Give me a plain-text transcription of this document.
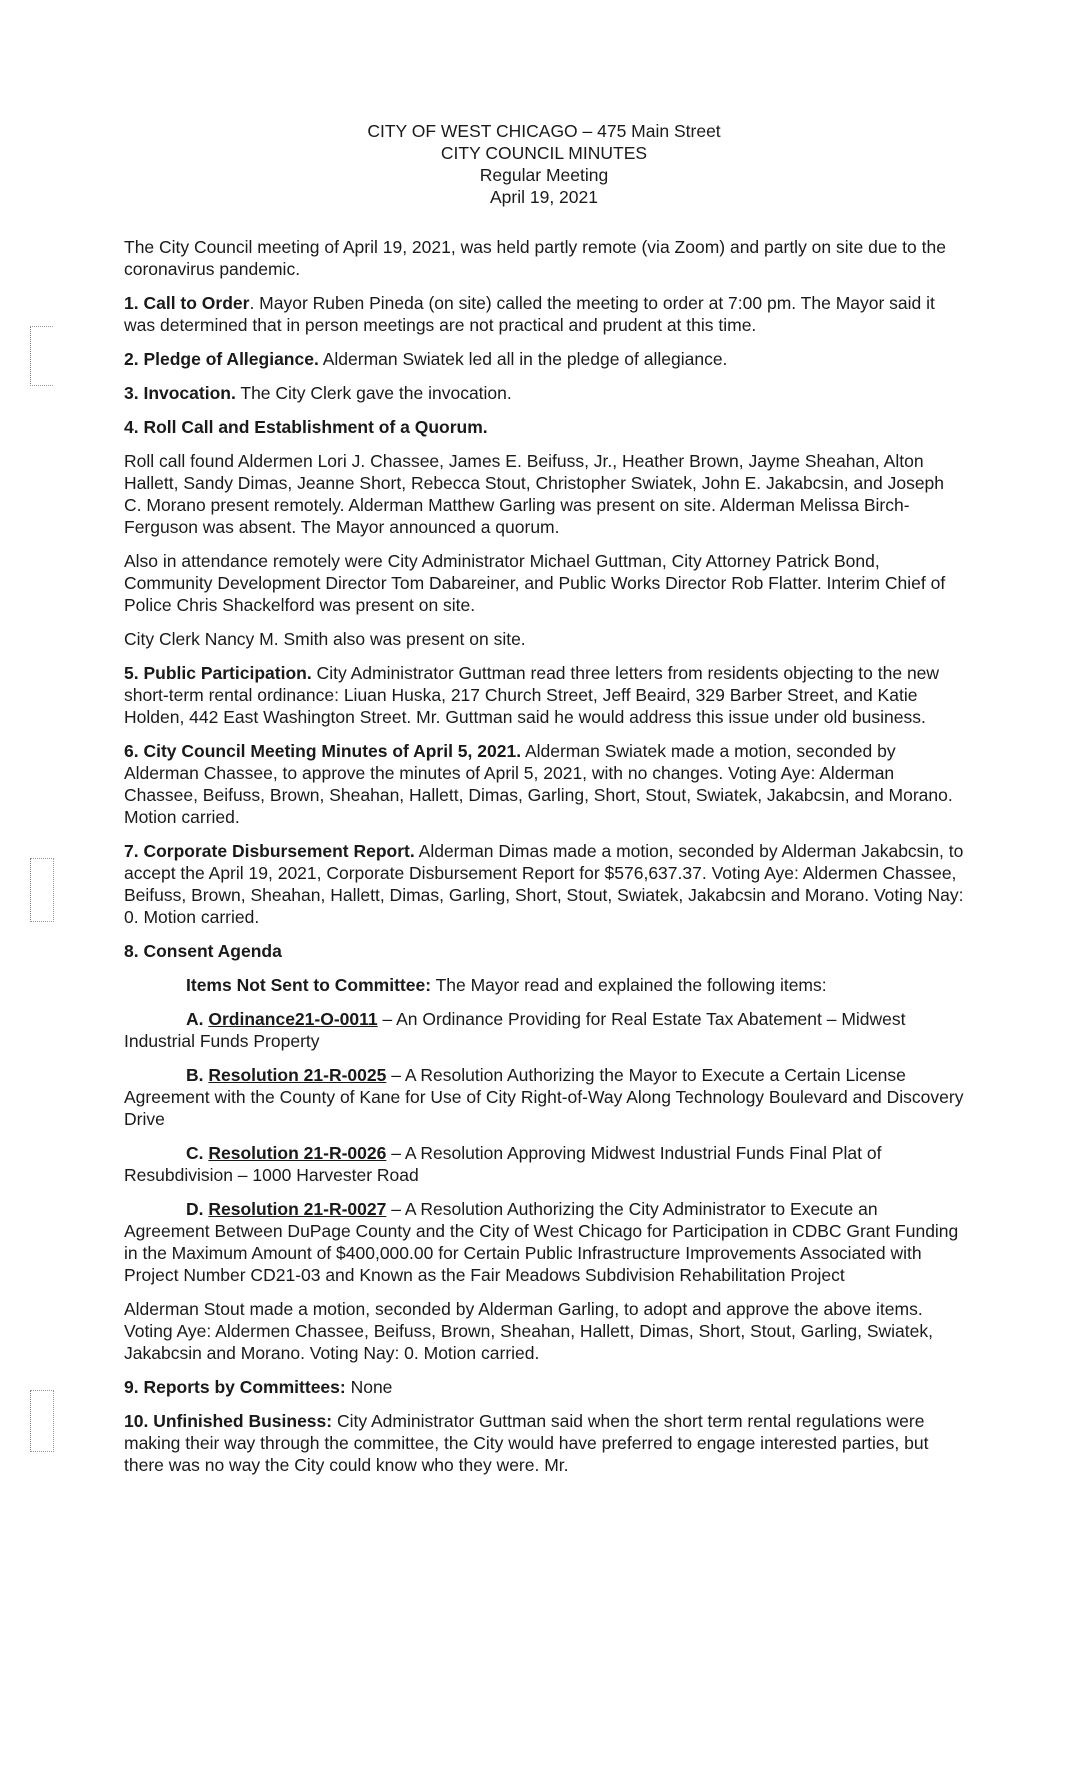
CITY OF WEST CHICAGO – 475 Main Street
CITY COUNCIL MINUTES
Regular Meeting
April 19, 2021

The City Council meeting of April 19, 2021, was held partly remote (via Zoom) and partly on site due to the coronavirus pandemic.

1. Call to Order. Mayor Ruben Pineda (on site) called the meeting to order at 7:00 pm. The Mayor said it was determined that in person meetings are not practical and prudent at this time.

2. Pledge of Allegiance. Alderman Swiatek led all in the pledge of allegiance.

3. Invocation. The City Clerk gave the invocation.

4. Roll Call and Establishment of a Quorum.

Roll call found Aldermen Lori J. Chassee, James E. Beifuss, Jr., Heather Brown, Jayme Sheahan, Alton Hallett, Sandy Dimas, Jeanne Short, Rebecca Stout, Christopher Swiatek, John E. Jakabcsin, and Joseph C. Morano present remotely. Alderman Matthew Garling was present on site. Alderman Melissa Birch-Ferguson was absent. The Mayor announced a quorum.

Also in attendance remotely were City Administrator Michael Guttman, City Attorney Patrick Bond, Community Development Director Tom Dabareiner, and Public Works Director Rob Flatter. Interim Chief of Police Chris Shackelford was present on site.

City Clerk Nancy M. Smith also was present on site.

5. Public Participation. City Administrator Guttman read three letters from residents objecting to the new short-term rental ordinance: Liuan Huska, 217 Church Street, Jeff Beaird, 329 Barber Street, and Katie Holden, 442 East Washington Street. Mr. Guttman said he would address this issue under old business.

6. City Council Meeting Minutes of April 5, 2021. Alderman Swiatek made a motion, seconded by Alderman Chassee, to approve the minutes of April 5, 2021, with no changes. Voting Aye: Alderman Chassee, Beifuss, Brown, Sheahan, Hallett, Dimas, Garling, Short, Stout, Swiatek, Jakabcsin, and Morano. Motion carried.

7. Corporate Disbursement Report. Alderman Dimas made a motion, seconded by Alderman Jakabcsin, to accept the April 19, 2021, Corporate Disbursement Report for $576,637.37. Voting Aye: Aldermen Chassee, Beifuss, Brown, Sheahan, Hallett, Dimas, Garling, Short, Stout, Swiatek, Jakabcsin and Morano. Voting Nay: 0. Motion carried.

8. Consent Agenda

Items Not Sent to Committee: The Mayor read and explained the following items:

A. Ordinance21-O-0011 – An Ordinance Providing for Real Estate Tax Abatement – Midwest Industrial Funds Property

B. Resolution 21-R-0025 – A Resolution Authorizing the Mayor to Execute a Certain License Agreement with the County of Kane for Use of City Right-of-Way Along Technology Boulevard and Discovery Drive

C. Resolution 21-R-0026 – A Resolution Approving Midwest Industrial Funds Final Plat of Resubdivision – 1000 Harvester Road

D. Resolution 21-R-0027 – A Resolution Authorizing the City Administrator to Execute an Agreement Between DuPage County and the City of West Chicago for Participation in CDBC Grant Funding in the Maximum Amount of $400,000.00 for Certain Public Infrastructure Improvements Associated with Project Number CD21-03 and Known as the Fair Meadows Subdivision Rehabilitation Project

Alderman Stout made a motion, seconded by Alderman Garling, to adopt and approve the above items. Voting Aye: Aldermen Chassee, Beifuss, Brown, Sheahan, Hallett, Dimas, Short, Stout, Garling, Swiatek, Jakabcsin and Morano. Voting Nay: 0. Motion carried.

9. Reports by Committees: None

10. Unfinished Business: City Administrator Guttman said when the short term rental regulations were making their way through the committee, the City would have preferred to engage interested parties, but there was no way the City could know who they were. Mr.
